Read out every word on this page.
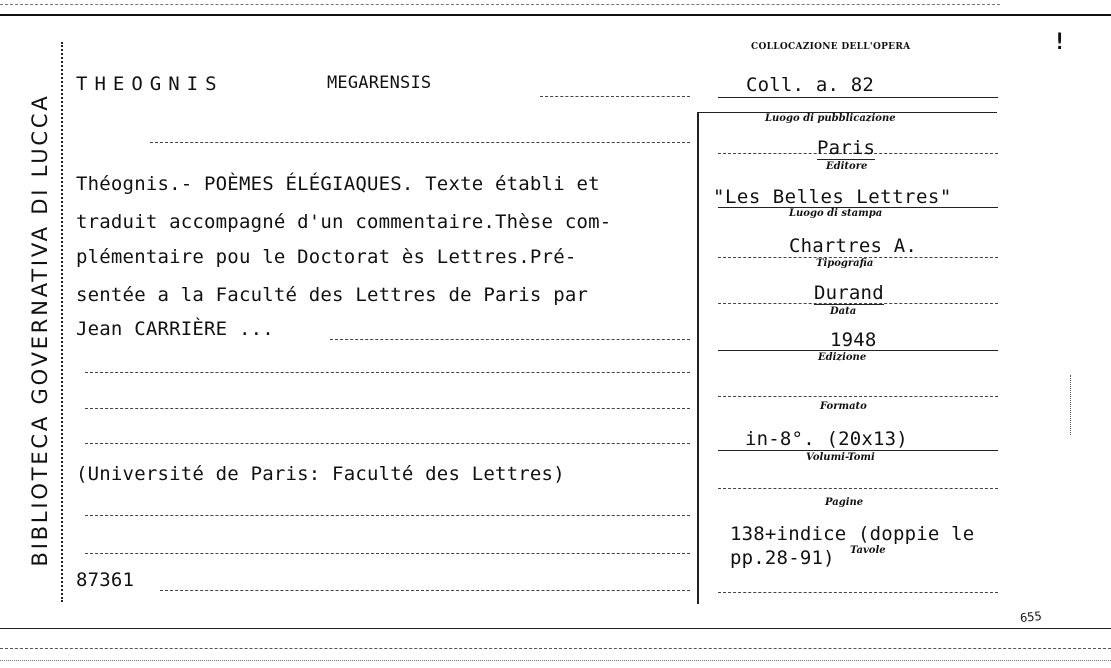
BIBLIOTECA GOVERNATIVA DI LUCCA
THEOGNIS	MEGARENSIS
COLLOCAZIONE DELL'OPERA
Coll. a. 82
!
Théognis.- POÈMES ÉLÉGIAQUES. Texte établi et
traduit accompagné d'un commentaire.Thèse com-
plémentaire pou le Doctorat ès Lettres.Pré-
sentée a la Faculté des Lettres de Paris par
Jean CARRIÈRE ...
(Université de Paris: Faculté des Lettres)
87361
Luogo di pubblicazione
Paris
Editore
"Les Belles Lettres"
Luogo di stampa
Chartres A.
Tipografia
Durand
Data
1948
Edizione
Formato
in-8°. (20x13)
Volumi-Tomi
Pagine
138+indice (doppie le pp.28-91)	Tavole
655
